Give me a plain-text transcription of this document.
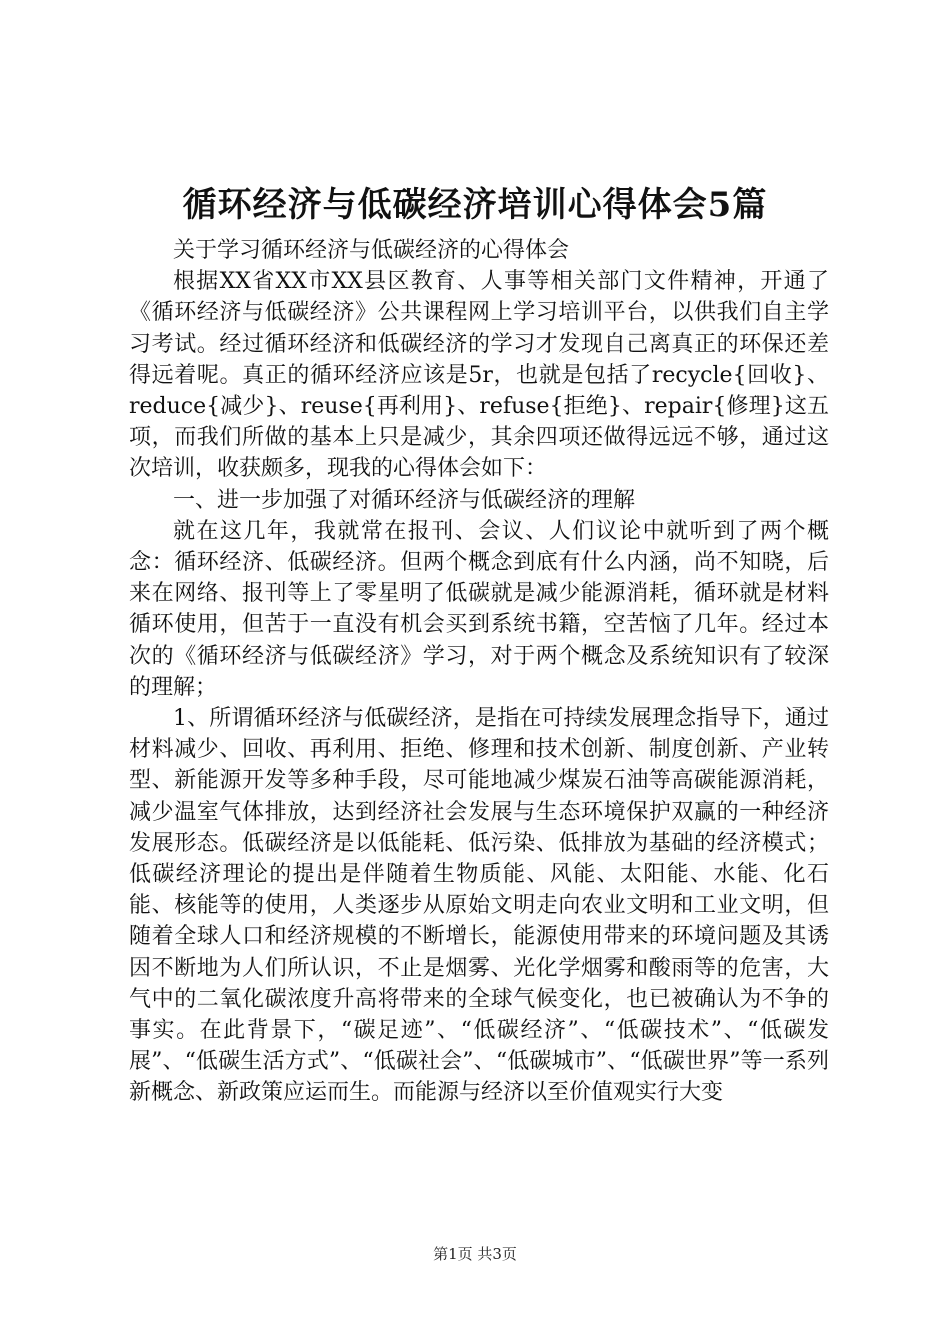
循环经济与低碳经济培训心得体会5篇

关于学习循环经济与低碳经济的心得体会

根据XX省XX市XX县区教育、人事等相关部门文件精神，开通了《循环经济与低碳经济》公共课程网上学习培训平台，以供我们自主学习考试。经过循环经济和低碳经济的学习才发现自己离真正的环保还差得远着呢。真正的循环经济应该是5r，也就是包括了recycle{回收}、reduce{减少}、reuse{再利用}、refuse{拒绝}、repair{修理}这五项，而我们所做的基本上只是减少，其余四项还做得远远不够，通过这次培训，收获颇多，现我的心得体会如下：

一、进一步加强了对循环经济与低碳经济的理解

就在这几年，我就常在报刊、会议、人们议论中就听到了两个概念：循环经济、低碳经济。但两个概念到底有什么内涵，尚不知晓，后来在网络、报刊等上了零星明了低碳就是减少能源消耗，循环就是材料循环使用，但苦于一直没有机会买到系统书籍，空苦恼了几年。经过本次的《循环经济与低碳经济》学习，对于两个概念及系统知识有了较深的理解；

1、所谓循环经济与低碳经济，是指在可持续发展理念指导下，通过材料减少、回收、再利用、拒绝、修理和技术创新、制度创新、产业转型、新能源开发等多种手段，尽可能地减少煤炭石油等高碳能源消耗，减少温室气体排放，达到经济社会发展与生态环境保护双赢的一种经济发展形态。低碳经济是以低能耗、低污染、低排放为基础的经济模式；低碳经济理论的提出是伴随着生物质能、风能、太阳能、水能、化石能、核能等的使用，人类逐步从原始文明走向农业文明和工业文明，但随着全球人口和经济规模的不断增长，能源使用带来的环境问题及其诱因不断地为人们所认识，不止是烟雾、光化学烟雾和酸雨等的危害，大气中的二氧化碳浓度升高将带来的全球气候变化，也已被确认为不争的事实。在此背景下，“碳足迹”、“低碳经济”、“低碳技术”、“低碳发展”、“低碳生活方式”、“低碳社会”、“低碳城市”、“低碳世界”等一系列新概念、新政策应运而生。而能源与经济以至价值观实行大变

第1页 共3页
